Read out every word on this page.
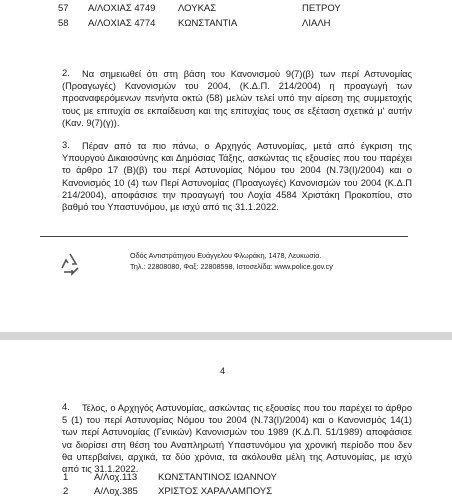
57 Α/ΛΟΧΙΑΣ 4749 ΛΟΥΚΑΣ	ΠΕΤΡΟΥ
58 Α/ΛΟΧΙΑΣ 4774 ΚΩΝΣΤΑΝΤΙΑ	ΛΙΑΛΗ
2.	Να σημειωθεί ότι στη βάση του Κανονισμού 9(7)(β) των περί Αστυνομίας (Προαγωγές) Κανονισμών του 2004, (Κ.Δ.Π. 214/2004) η προαγωγή των προαναφερόμενων πενήντα οκτώ (58) μελών τελεί υπό την αίρεση της συμμετοχής τους με επιτυχία σε εκπαίδευση και της επιτυχίας τους σε εξέταση σχετικά μ' αυτήν (Καν. 9(7)(γ)).

3.	Πέραν από τα πιο πάνω, ο Αρχηγός Αστυνομίας, μετά από έγκριση της Υπουργού Δικαιοσύνης και Δημόσιας Τάξης, ασκώντας τις εξουσίες που του παρέχει το άρθρο 17 (Β)(β) του περί Αστυνομίας Νόμου του 2004 (Ν.73(Ι)/2004) και ο Κανονισμός 10 (4) των Περί Αστυνομίας (Προαγωγές) Κανονισμών του 2004 (Κ.Δ.Π 214/2004), αποφάσισε την προαγωγή του Λοχία 4584 Χριστάκη Προκοπίου, στο βαθμό του Υπαστυνόμου, με ισχύ από τις 31.1.2022.

Οδός Αντιστράτηγου Ευάγγελου Φλωράκη, 1478, Λευκωσία.
Τηλ.: 22808080, Φαξ: 22808598, Ιστοσελίδα: www.police.gov.cy
4
4.	Τέλος, ο Αρχηγός Αστυνομίας, ασκώντας τις εξουσίες που του παρέχει το άρθρο 5 (1) του περί Αστυνομίας Νόμου του 2004 (Ν.73(Ι)/2004) και ο Κανονισμός 14(1) των περί Αστυνομίας (Γενικών) Κανονισμών του 1989 (Κ.Δ.Π. 51/1989) αποφάσισε να διορίσει στη θέση του Αναπληρωτή Υπαστυνόμου για χρονική περίοδο που δεν θα υπερβαίνει, αρχικά, τα δύο χρόνια, τα ακόλουθα μέλη της Αστυνομίας, με ισχύ από τις 31.1.2022.

1	Α/Λοχ.113 ΚΩΝΣΤΑΝΤΙΝΟΣ ΙΩΑΝΝΟΥ
2	Α/Λοχ.385 ΧΡΙΣΤΟΣ ΧΑΡΑΛΑΜΠΟΥΣ
